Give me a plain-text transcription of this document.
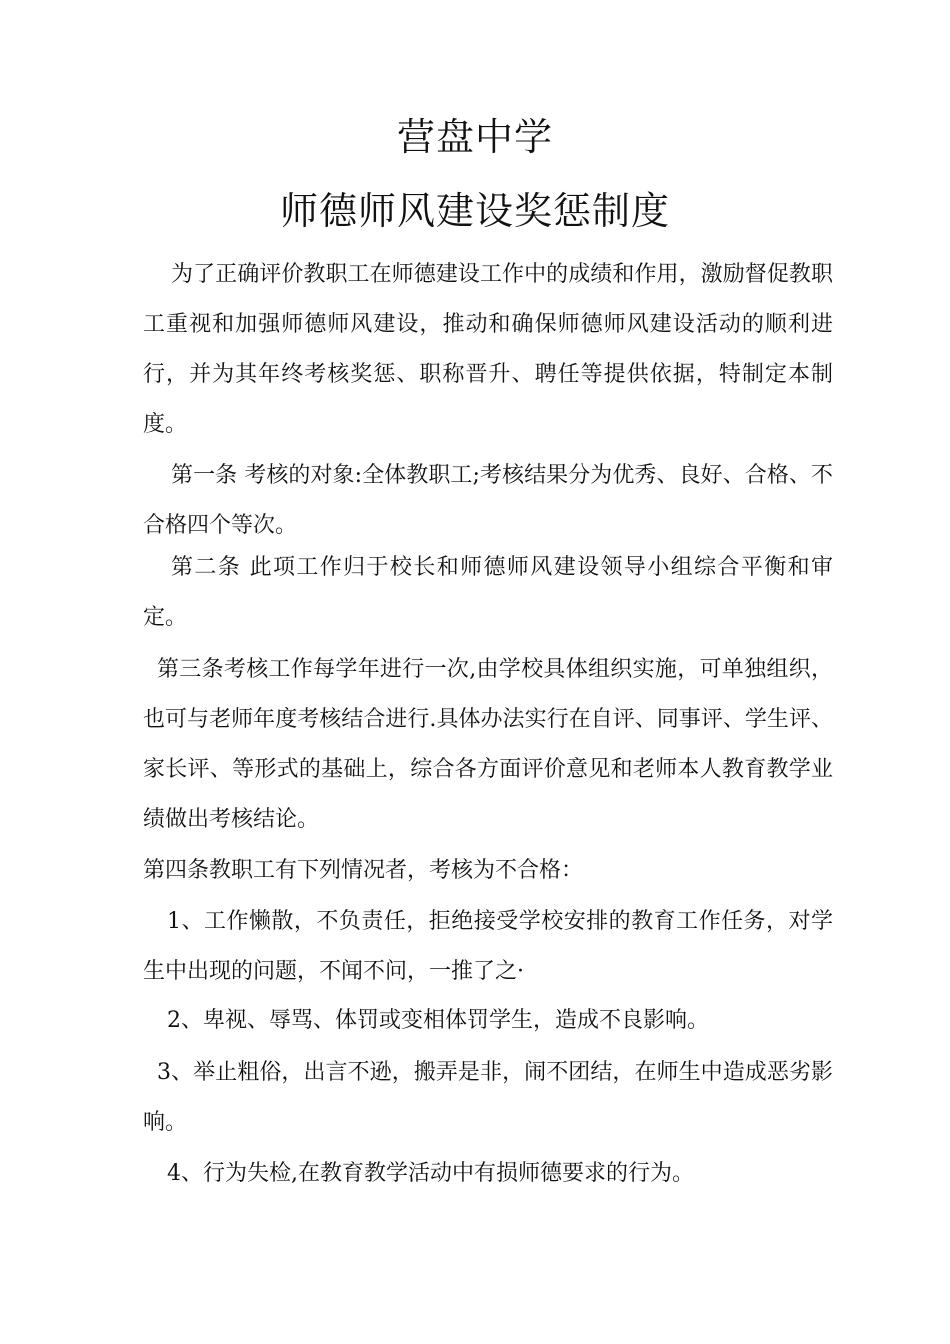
营盘中学
师德师风建设奖惩制度

为了正确评价教职工在师德建设工作中的成绩和作用，激励督促教职工重视和加强师德师风建设，推动和确保师德师风建设活动的顺利进行，并为其年终考核奖惩、职称晋升、聘任等提供依据，特制定本制度。

第一条 考核的对象:全体教职工;考核结果分为优秀、良好、合格、不合格四个等次。

第二条 此项工作归于校长和师德师风建设领导小组综合平衡和审定。

第三条考核工作每学年进行一次,由学校具体组织实施，可单独组织，也可与老师年度考核结合进行.具体办法实行在自评、同事评、学生评、家长评、等形式的基础上，综合各方面评价意见和老师本人教育教学业绩做出考核结论。

第四条教职工有下列情况者，考核为不合格：

1、工作懒散，不负责任，拒绝接受学校安排的教育工作任务，对学生中出现的问题，不闻不问，一推了之·

2、卑视、辱骂、体罚或变相体罚学生，造成不良影响。

3、举止粗俗，出言不逊，搬弄是非，闹不团结，在师生中造成恶劣影响。

4、行为失检,在教育教学活动中有损师德要求的行为。
